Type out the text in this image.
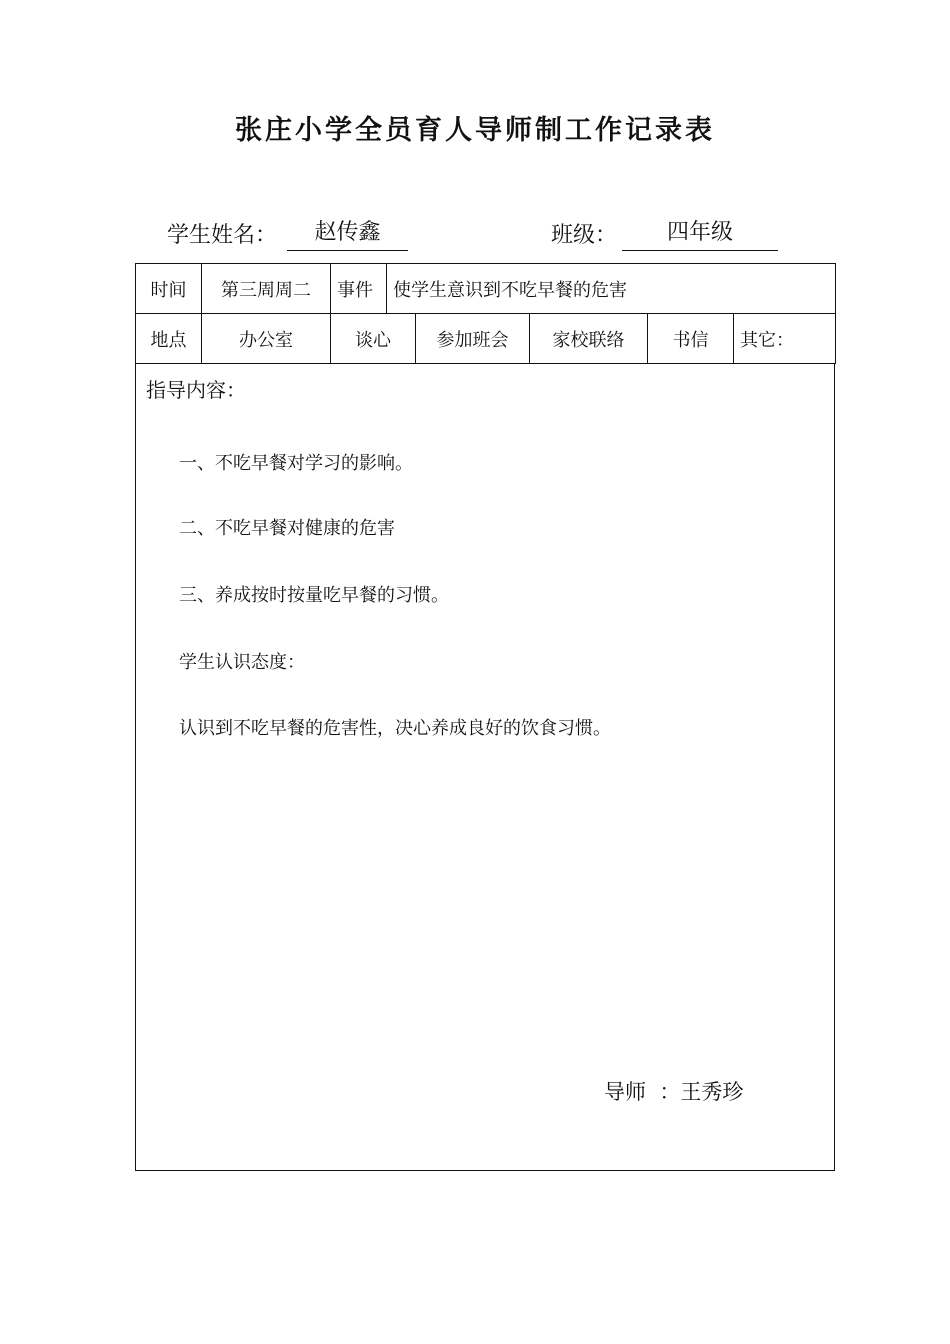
张庄小学全员育人导师制工作记录表
学生姓名：	赵传鑫	班级：	四年级
时间	第三周周二	事件	使学生意识到不吃早餐的危害				
地点	办公室	谈心		参加班会	家校联络	书信	其它：
指导内容：
一、不吃早餐对学习的影响。
二、不吃早餐对健康的危害
三、养成按时按量吃早餐的习惯。
学生认识态度：
认识到不吃早餐的危害性，决心养成良好的饮食习惯。
导师  ：王秀珍
